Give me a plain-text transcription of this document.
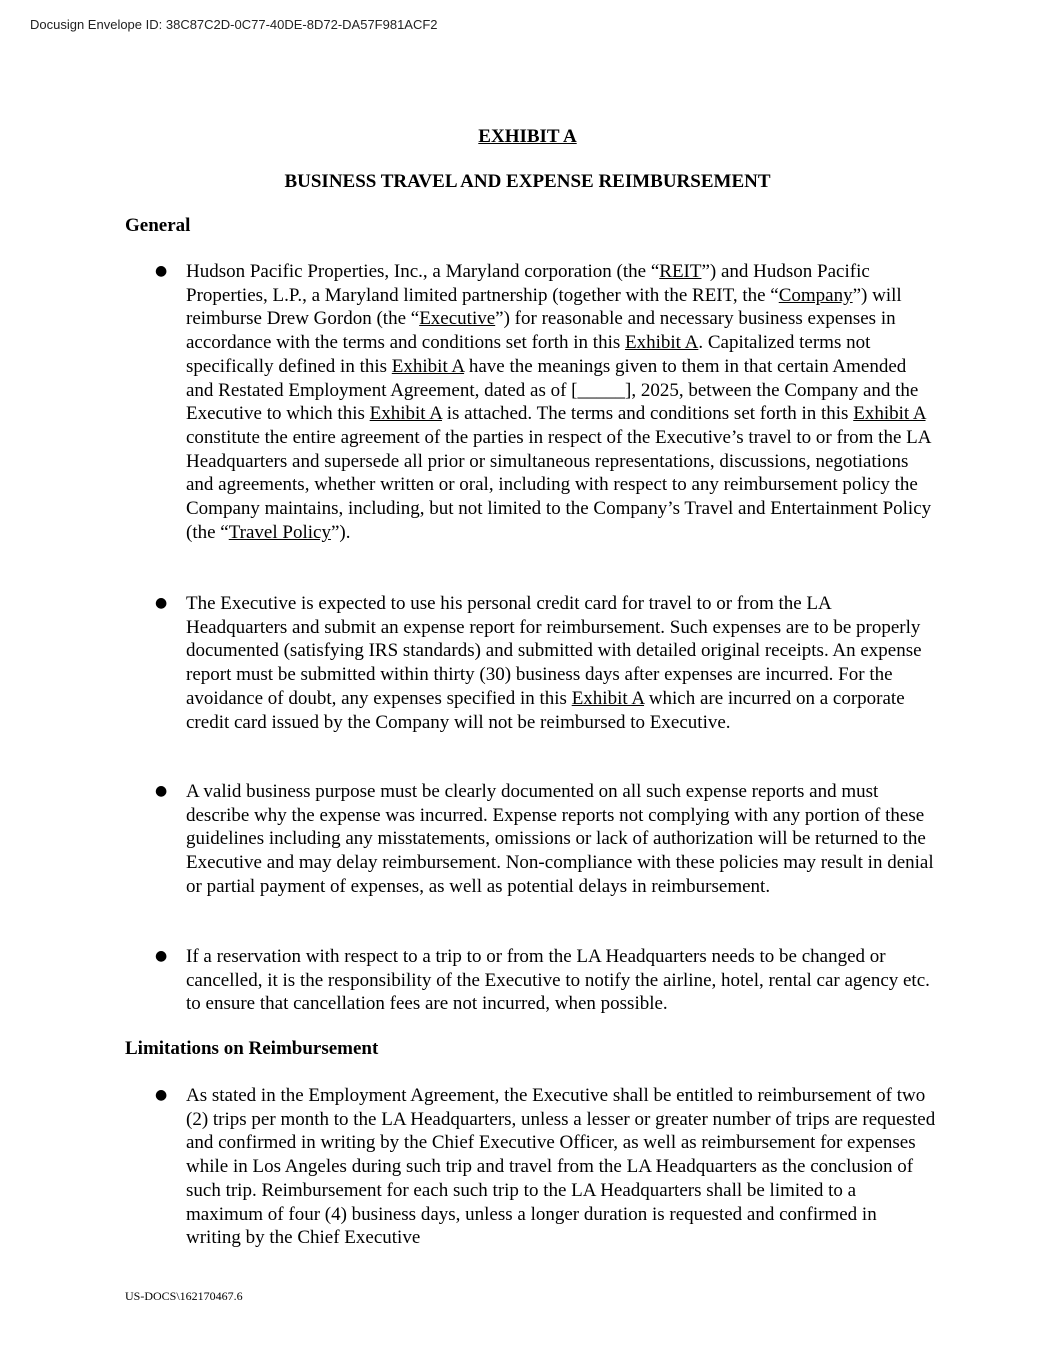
Docusign Envelope ID: 38C87C2D-0C77-40DE-8D72-DA57F981ACF2
EXHIBIT A
BUSINESS TRAVEL AND EXPENSE REIMBURSEMENT
General
● Hudson Pacific Properties, Inc., a Maryland corporation (the “REIT”) and Hudson Pacific Properties, L.P., a Maryland limited partnership (together with the REIT, the “Company”) will reimburse Drew Gordon (the “Executive”) for reasonable and necessary business expenses in accordance with the terms and conditions set forth in this Exhibit A. Capitalized terms not specifically defined in this Exhibit A have the meanings given to them in that certain Amended and Restated Employment Agreement, dated as of [_____], 2025, between the Company and the Executive to which this Exhibit A is attached. The terms and conditions set forth in this Exhibit A constitute the entire agreement of the parties in respect of the Executive’s travel to or from the LA Headquarters and supersede all prior or simultaneous representations, discussions, negotiations and agreements, whether written or oral, including with respect to any reimbursement policy the Company maintains, including, but not limited to the Company’s Travel and Entertainment Policy (the “Travel Policy”).
● The Executive is expected to use his personal credit card for travel to or from the LA Headquarters and submit an expense report for reimbursement. Such expenses are to be properly documented (satisfying IRS standards) and submitted with detailed original receipts. An expense report must be submitted within thirty (30) business days after expenses are incurred. For the avoidance of doubt, any expenses specified in this Exhibit A which are incurred on a corporate credit card issued by the Company will not be reimbursed to Executive.
● A valid business purpose must be clearly documented on all such expense reports and must describe why the expense was incurred. Expense reports not complying with any portion of these guidelines including any misstatements, omissions or lack of authorization will be returned to the Executive and may delay reimbursement. Non-compliance with these policies may result in denial or partial payment of expenses, as well as potential delays in reimbursement.
● If a reservation with respect to a trip to or from the LA Headquarters needs to be changed or cancelled, it is the responsibility of the Executive to notify the airline, hotel, rental car agency etc. to ensure that cancellation fees are not incurred, when possible.
Limitations on Reimbursement
● As stated in the Employment Agreement, the Executive shall be entitled to reimbursement of two (2) trips per month to the LA Headquarters, unless a lesser or greater number of trips are requested and confirmed in writing by the Chief Executive Officer, as well as reimbursement for expenses while in Los Angeles during such trip and travel from the LA Headquarters as the conclusion of such trip. Reimbursement for each such trip to the LA Headquarters shall be limited to a maximum of four (4) business days, unless a longer duration is requested and confirmed in writing by the Chief Executive
US-DOCS\162170467.6
